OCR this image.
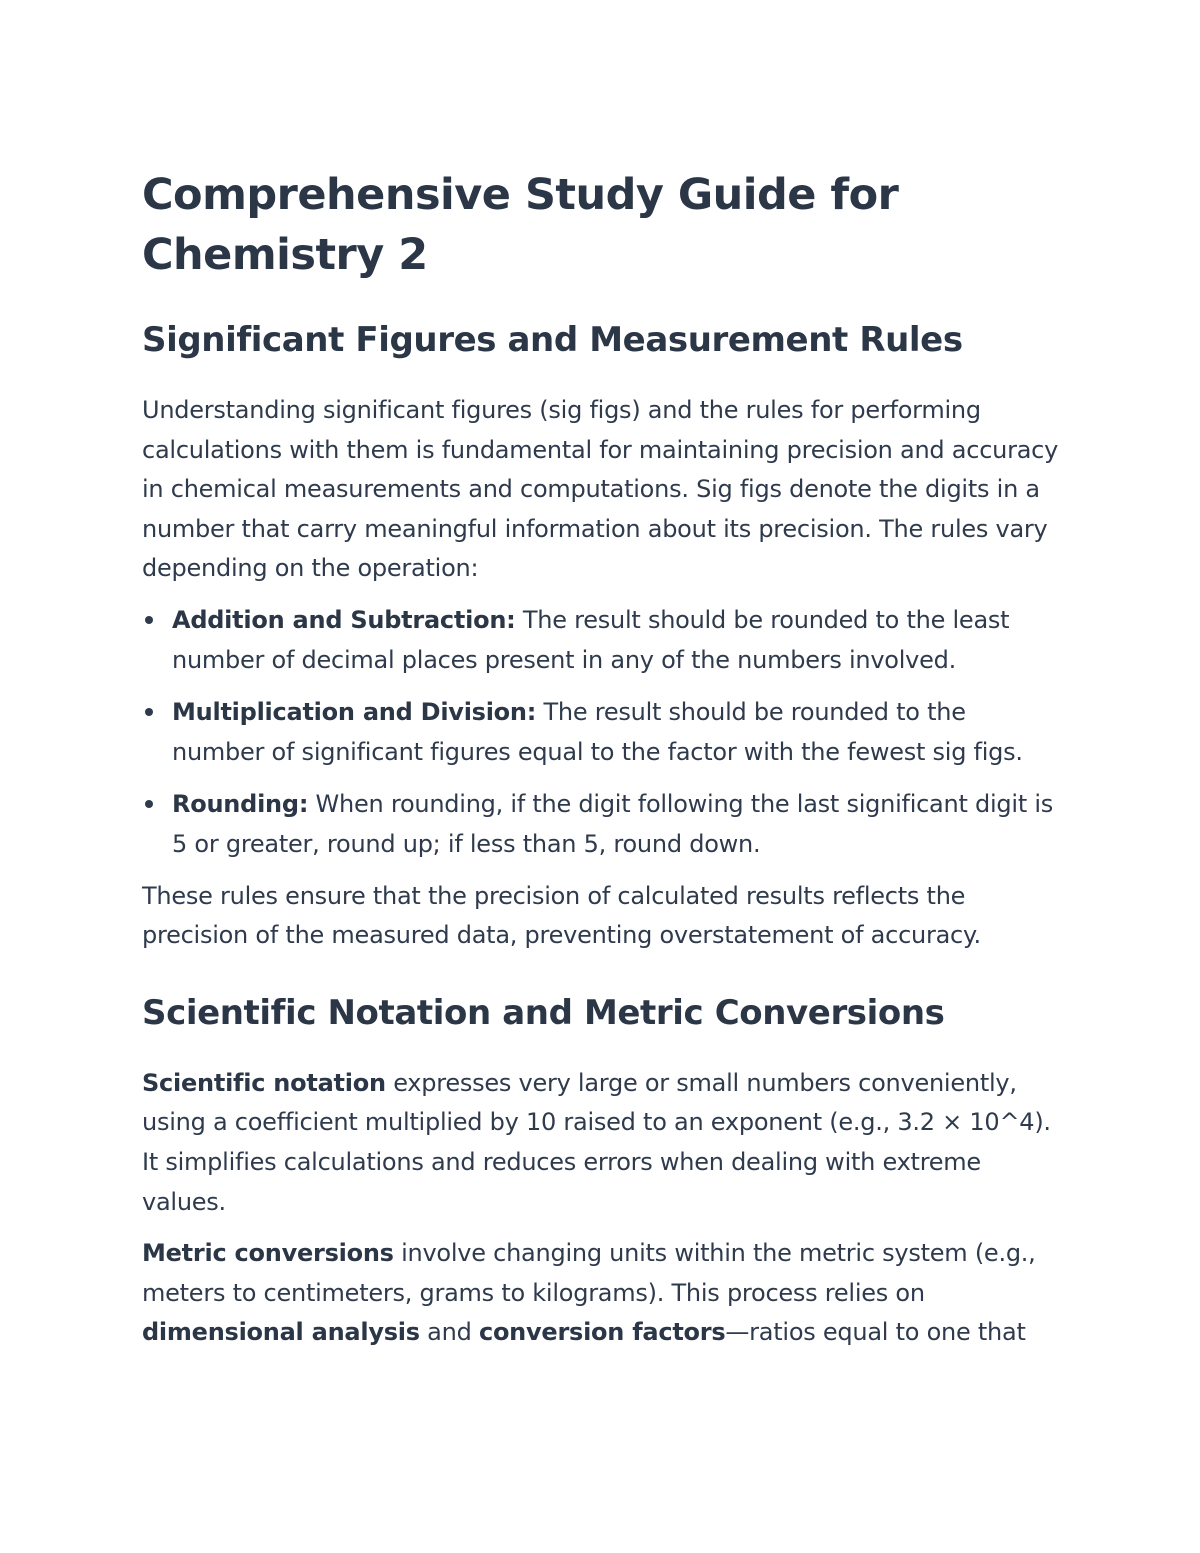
Comprehensive Study Guide for Chemistry 2
Significant Figures and Measurement Rules

Understanding significant figures (sig figs) and the rules for performing calculations with them is fundamental for maintaining precision and accuracy in chemical measurements and computations. Sig figs denote the digits in a number that carry meaningful information about its precision. The rules vary depending on the operation:

Addition and Subtraction: The result should be rounded to the least number of decimal places present in any of the numbers involved.
Multiplication and Division: The result should be rounded to the number of significant figures equal to the factor with the fewest sig figs.
Rounding: When rounding, if the digit following the last significant digit is 5 or greater, round up; if less than 5, round down.

These rules ensure that the precision of calculated results reflects the precision of the measured data, preventing overstatement of accuracy.

Scientific Notation and Metric Conversions

Scientific notation expresses very large or small numbers conveniently, using a coefficient multiplied by 10 raised to an exponent (e.g., 3.2 × 10^4). It simplifies calculations and reduces errors when dealing with extreme values.

Metric conversions involve changing units within the metric system (e.g., meters to centimeters, grams to kilograms). This process relies on dimensional analysis and conversion factors—ratios equal to one that
